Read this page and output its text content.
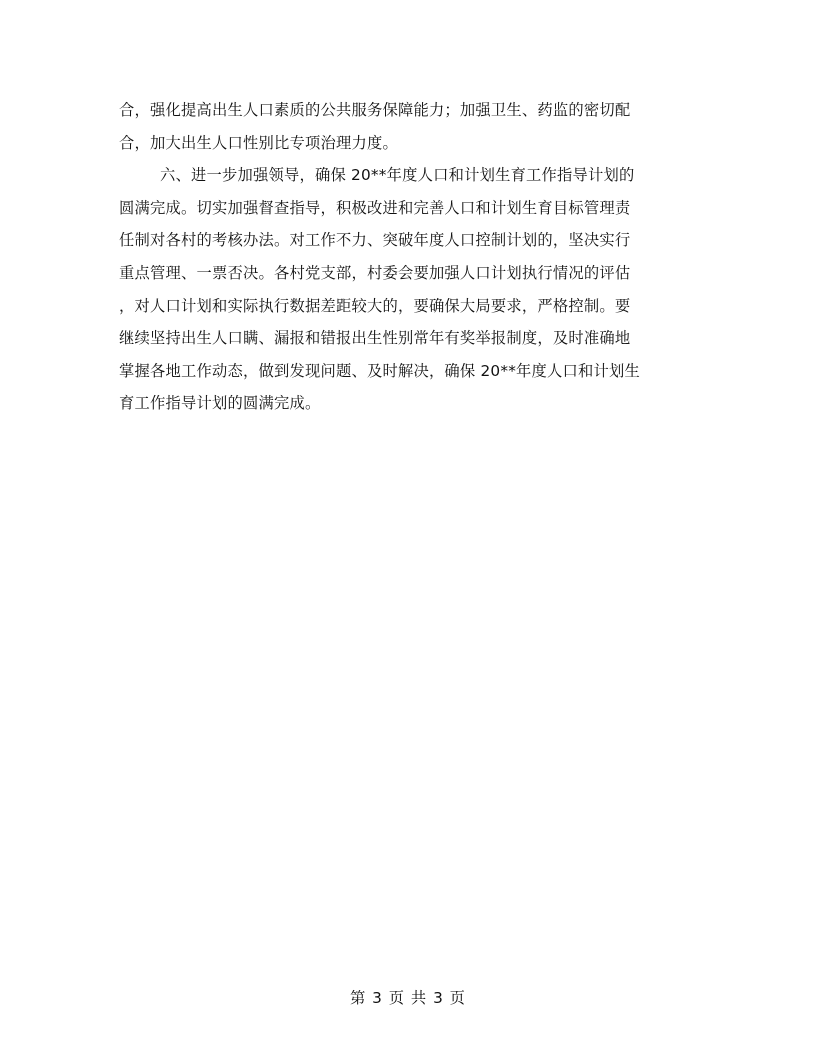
合，强化提高出生人口素质的公共服务保障能力；加强卫生、药监的密切配
合，加大出生人口性别比专项治理力度。
六、进一步加强领导，确保 20**年度人口和计划生育工作指导计划的
圆满完成。切实加强督查指导，积极改进和完善人口和计划生育目标管理责
任制对各村的考核办法。对工作不力、突破年度人口控制计划的，坚决实行
重点管理、一票否决。各村党支部，村委会要加强人口计划执行情况的评估
，对人口计划和实际执行数据差距较大的，要确保大局要求，严格控制。要
继续坚持出生人口瞒、漏报和错报出生性别常年有奖举报制度，及时准确地
掌握各地工作动态，做到发现问题、及时解决，确保 20**年度人口和计划生
育工作指导计划的圆满完成。
第 3 页 共 3 页
